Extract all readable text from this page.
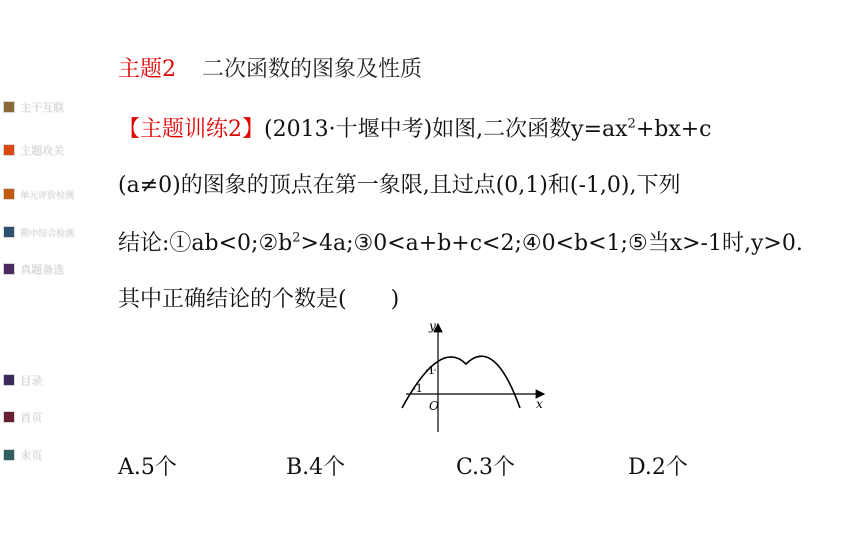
主干互联
主题攻关
单元评价检测
期中综合检测
真题备选
目录
首页
末页
主题2 二次函数的图象及性质
【主题训练2】(2013·十堰中考)如图,二次函数$y=ax^2+bx+c$
(a≠0)的图象的顶点在第一象限,且过点(0,1)和(-1,0),下列
结论$:①ab<0;②b^2>4a;③0<a+b+c<2;④0<b<1;⑤$当x>-1时,y>0.
其中正确结论的个数是(　　)
y
x
O
1
-1
A.5个	B.4个	C.3个	D.2个
